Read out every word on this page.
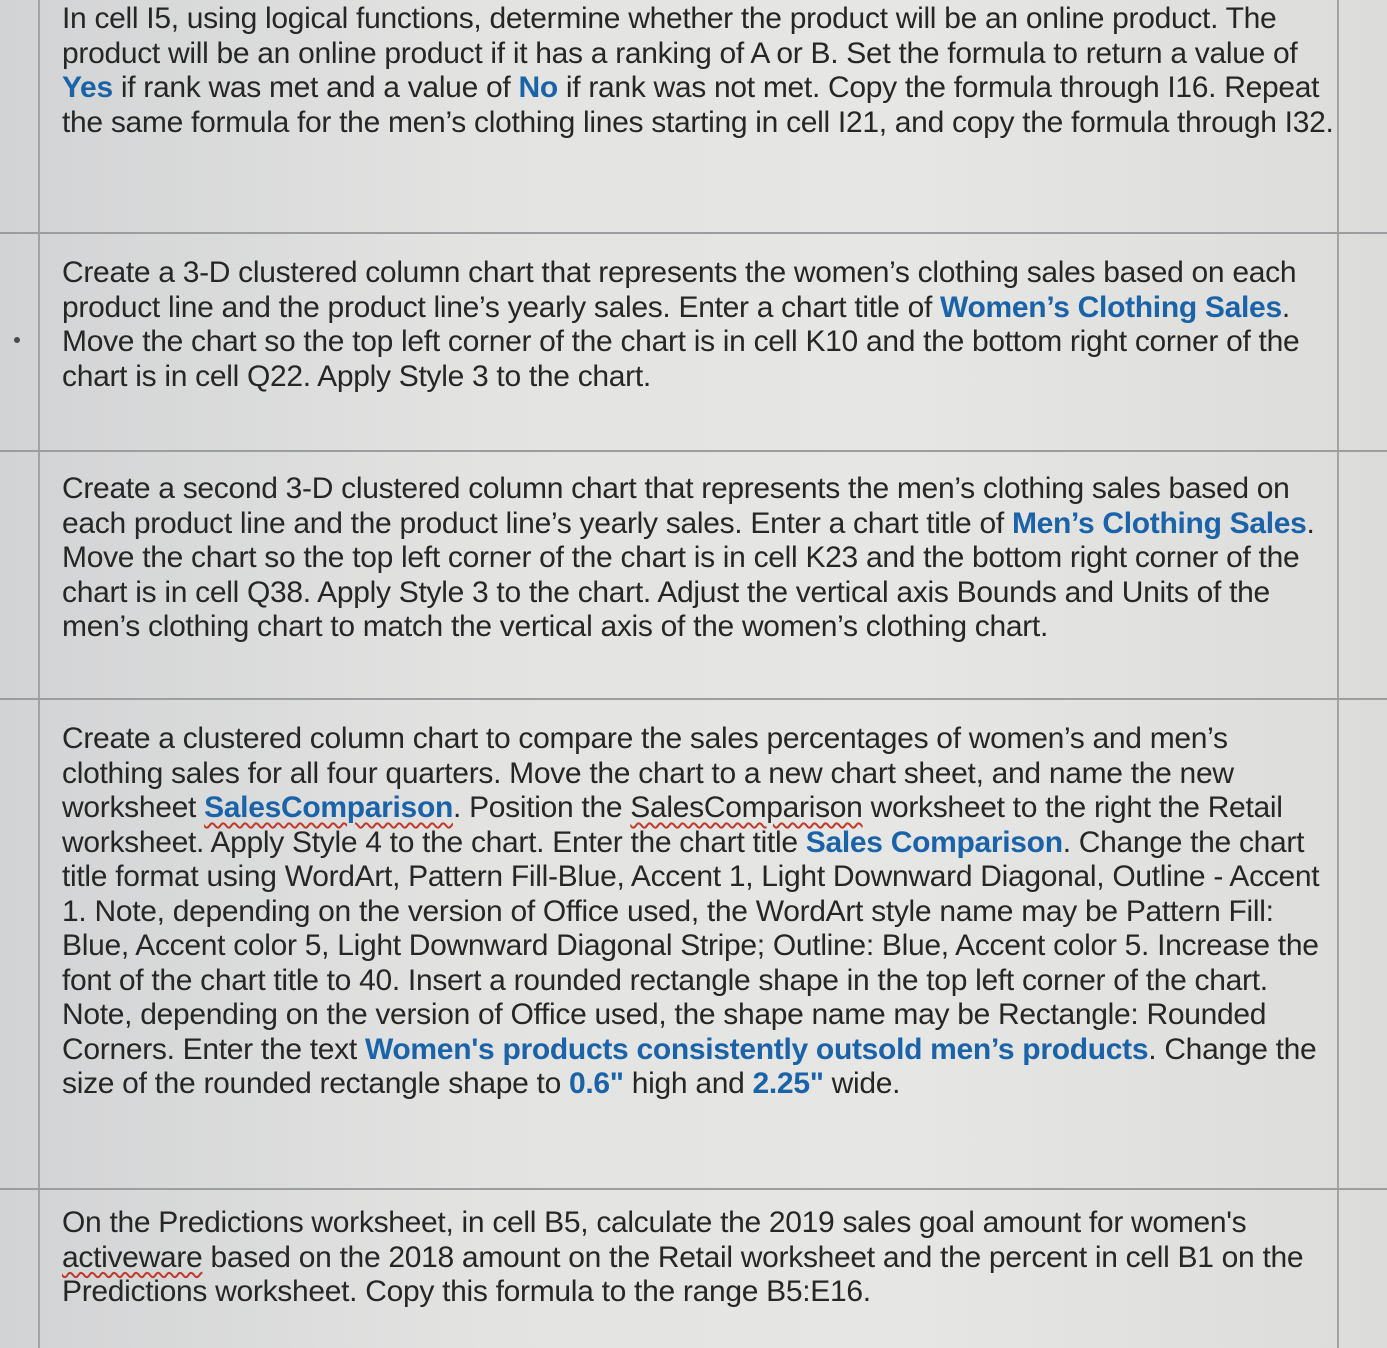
In cell I5, using logical functions, determine whether the product will be an online product. The product will be an online product if it has a ranking of A or B. Set the formula to return a value of Yes if rank was met and a value of No if rank was not met. Copy the formula through I16. Repeat the same formula for the men’s clothing lines starting in cell I21, and copy the formula through I32.
Create a 3-D clustered column chart that represents the women’s clothing sales based on each product line and the product line’s yearly sales. Enter a chart title of Women’s Clothing Sales. Move the chart so the top left corner of the chart is in cell K10 and the bottom right corner of the chart is in cell Q22. Apply Style 3 to the chart.
Create a second 3-D clustered column chart that represents the men’s clothing sales based on each product line and the product line’s yearly sales. Enter a chart title of Men’s Clothing Sales. Move the chart so the top left corner of the chart is in cell K23 and the bottom right corner of the chart is in cell Q38. Apply Style 3 to the chart. Adjust the vertical axis Bounds and Units of the men’s clothing chart to match the vertical axis of the women’s clothing chart.
Create a clustered column chart to compare the sales percentages of women’s and men’s clothing sales for all four quarters. Move the chart to a new chart sheet, and name the new worksheet SalesComparison. Position the SalesComparison worksheet to the right the Retail worksheet. Apply Style 4 to the chart. Enter the chart title Sales Comparison. Change the chart title format using WordArt, Pattern Fill-Blue, Accent 1, Light Downward Diagonal, Outline - Accent 1. Note, depending on the version of Office used, the WordArt style name may be Pattern Fill: Blue, Accent color 5, Light Downward Diagonal Stripe; Outline: Blue, Accent color 5. Increase the font of the chart title to 40. Insert a rounded rectangle shape in the top left corner of the chart. Note, depending on the version of Office used, the shape name may be Rectangle: Rounded Corners. Enter the text Women's products consistently outsold men’s products. Change the size of the rounded rectangle shape to 0.6" high and 2.25" wide.
On the Predictions worksheet, in cell B5, calculate the 2019 sales goal amount for women's activeware based on the 2018 amount on the Retail worksheet and the percent in cell B1 on the Predictions worksheet. Copy this formula to the range B5:E16.
